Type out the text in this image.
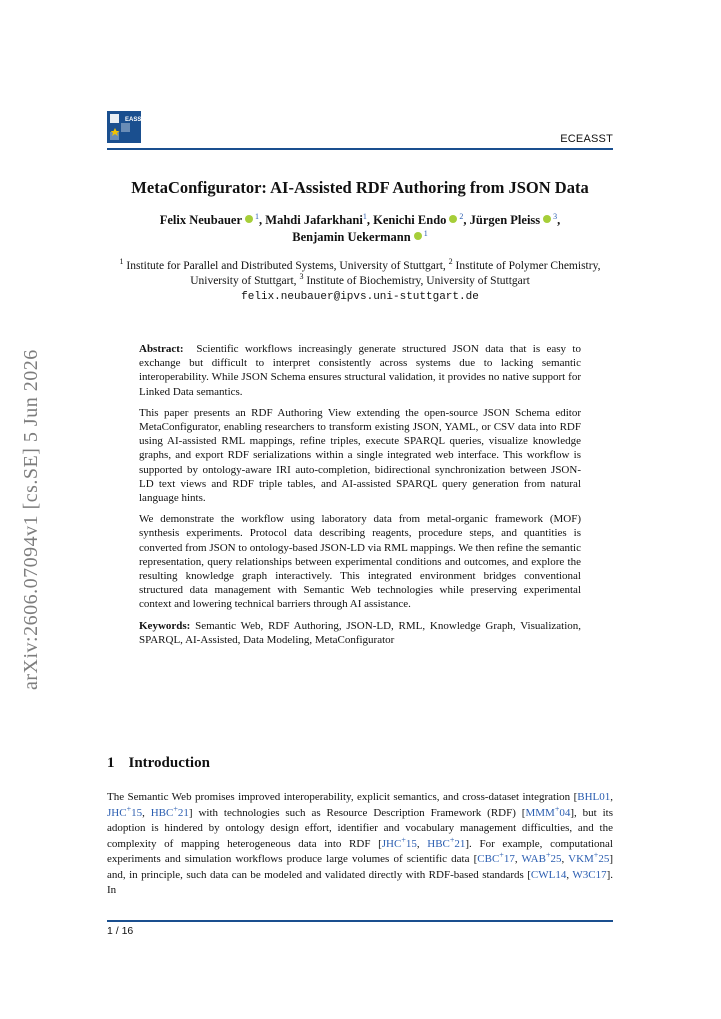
EASST
ECEASST
arXiv:2606.07094v1 [cs.SE] 5 Jun 2026
MetaConfigurator: AI-Assisted RDF Authoring from JSON Data
Felix Neubauer $^1$, Mahdi Jafarkhani$^1$, Kenichi Endo $^2$, Jürgen Pleiss $^3$,
Benjamin Uekermann $^1$
$^1$ Institute for Parallel and Distributed Systems, University of Stuttgart, $^2$ Institute of Polymer Chemistry, University of Stuttgart, $^3$ Institute of Biochemistry, University of Stuttgart
felix.neubauer@ipvs.uni-stuttgart.de

Abstract: Scientific workflows increasingly generate structured JSON data that is easy to exchange but difficult to interpret consistently across systems due to lacking semantic interoperability. While JSON Schema ensures structural validation, it provides no native support for Linked Data semantics.

This paper presents an RDF Authoring View extending the open-source JSON Schema editor MetaConfigurator, enabling researchers to transform existing JSON, YAML, or CSV data into RDF using AI-assisted RML mappings, refine triples, execute SPARQL queries, visualize knowledge graphs, and export RDF serializations within a single integrated web interface. This workflow is supported by ontology-aware IRI auto-completion, bidirectional synchronization between JSON-LD text views and RDF triple tables, and AI-assisted SPARQL query generation from natural language hints.

We demonstrate the workflow using laboratory data from metal-organic framework (MOF) synthesis experiments. Protocol data describing reagents, procedure steps, and quantities is converted from JSON to ontology-based JSON-LD via RML mappings. We then refine the semantic representation, query relationships between experimental conditions and outcomes, and explore the resulting knowledge graph interactively. This integrated environment bridges conventional structured data management with Semantic Web technologies while preserving experimental context and lowering technical barriers through AI assistance.

Keywords: Semantic Web, RDF Authoring, JSON-LD, RML, Knowledge Graph, Visualization, SPARQL, AI-Assisted, Data Modeling, MetaConfigurator

1 Introduction
The Semantic Web promises improved interoperability, explicit semantics, and cross-dataset integration [BHL01, JHC+15, HBC+21] with technologies such as Resource Description Framework (RDF) [MMM+04], but its adoption is hindered by ontology design effort, identifier and vocabulary management difficulties, and the complexity of mapping heterogeneous data into RDF [JHC+15, HBC+21]. For example, computational experiments and simulation workflows produce large volumes of scientific data [CBC+17, WAB+25, VKM+25] and, in principle, such data can be modeled and validated directly with RDF-based standards [CWL14, W3C17]. In
1 / 16
